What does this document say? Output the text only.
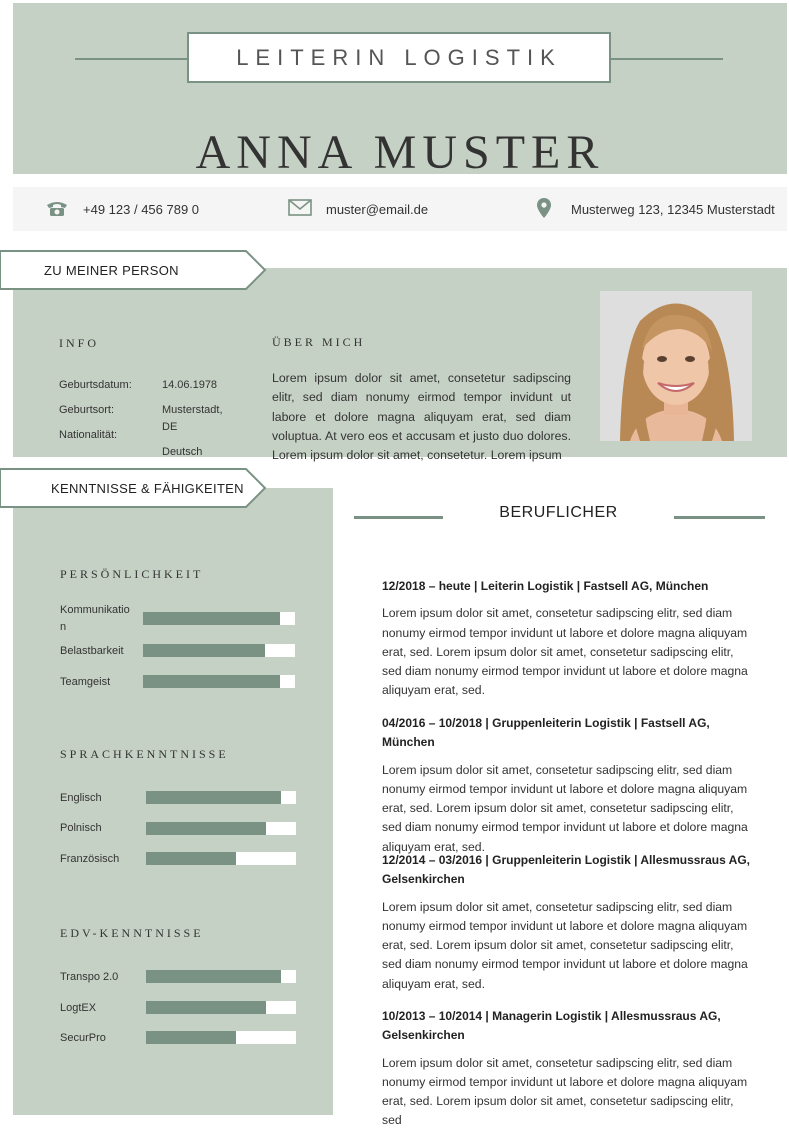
LEITERIN LOGISTIK
ANNA MUSTER
+49 123 / 456 789 0	muster@email.de	Musterweg 123, 12345 Musterstadt
ZU MEINER PERSON
INFO
Geburtsdatum:	14.06.1978
Geburtsort:	Musterstadt,
DE
Nationalität:
Deutsch
ÜBER MICH
Lorem ipsum dolor sit amet, consetetur sadipscing elitr, sed diam nonumy eirmod tempor invidunt ut labore et dolore magna aliquyam erat, sed diam voluptua. At vero eos et accusam et justo duo dolores. Lorem ipsum dolor sit amet, consetetur. Lorem ipsum
KENNTNISSE & FÄHIGKEITEN
PERSÖNLICHKEIT
Kommunikatio
n
Belastbarkeit
Teamgeist
SPRACHKENNTNISSE
Englisch
Polnisch
Französisch
EDV-KENNTNISSE
Transpo 2.0
LogtEX
SecurPro
BERUFLICHER
12/2018 – heute | Leiterin Logistik | Fastsell AG, München
Lorem ipsum dolor sit amet, consetetur sadipscing elitr, sed diam nonumy eirmod tempor invidunt ut labore et dolore magna aliquyam erat, sed. Lorem ipsum dolor sit amet, consetetur sadipscing elitr, sed diam nonumy eirmod tempor invidunt ut labore et dolore magna aliquyam erat, sed.
04/2016 – 10/2018 | Gruppenleiterin Logistik | Fastsell AG, München
Lorem ipsum dolor sit amet, consetetur sadipscing elitr, sed diam nonumy eirmod tempor invidunt ut labore et dolore magna aliquyam erat, sed. Lorem ipsum dolor sit amet, consetetur sadipscing elitr, sed diam nonumy eirmod tempor invidunt ut labore et dolore magna aliquyam erat, sed.
12/2014 – 03/2016 | Gruppenleiterin Logistik | Allesmussraus AG, Gelsenkirchen
Lorem ipsum dolor sit amet, consetetur sadipscing elitr, sed diam nonumy eirmod tempor invidunt ut labore et dolore magna aliquyam erat, sed. Lorem ipsum dolor sit amet, consetetur sadipscing elitr, sed diam nonumy eirmod tempor invidunt ut labore et dolore magna aliquyam erat, sed.
10/2013 – 10/2014 | Managerin Logistik | Allesmussraus AG, Gelsenkirchen
Lorem ipsum dolor sit amet, consetetur sadipscing elitr, sed diam nonumy eirmod tempor invidunt ut labore et dolore magna aliquyam erat, sed. Lorem ipsum dolor sit amet, consetetur sadipscing elitr, sed
